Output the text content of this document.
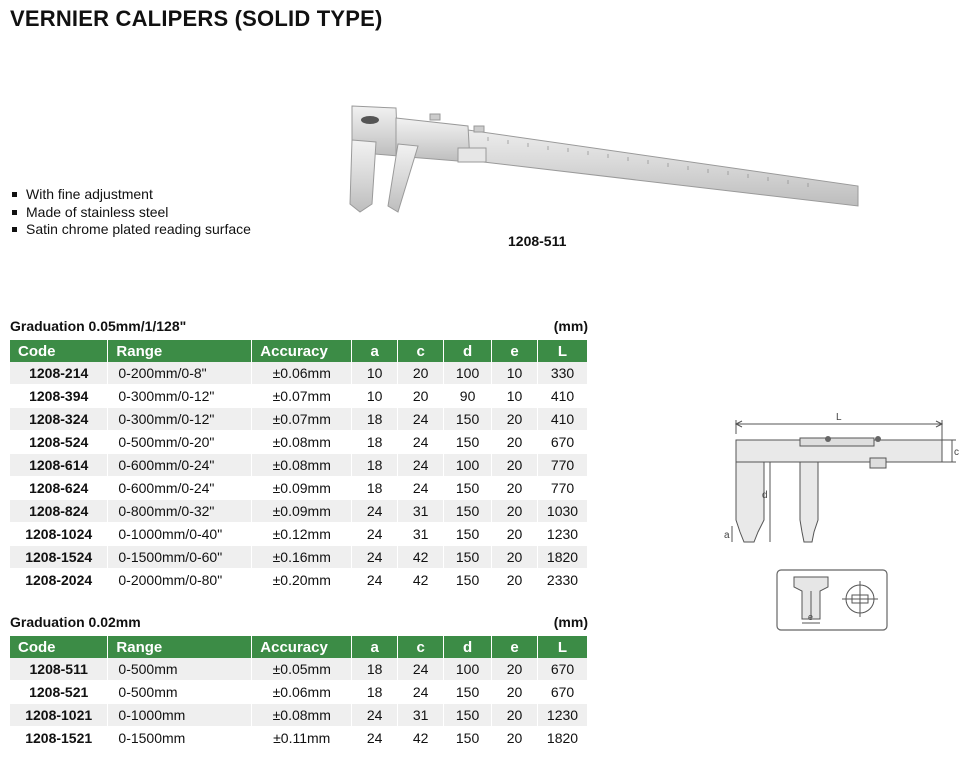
VERNIER CALIPERS (SOLID TYPE)
With fine adjustment
Made of stainless steel
Satin chrome plated reading surface
1208-511
Graduation 0.05mm/1/128"	(mm)
Code	Range	Accuracy	a	c	d	e	L
1208-214	0-200mm/0-8"	±0.06mm	10	20	100	10	330
1208-394	0-300mm/0-12"	±0.07mm	10	20	90	10	410
1208-324	0-300mm/0-12"	±0.07mm	18	24	150	20	410
1208-524	0-500mm/0-20"	±0.08mm	18	24	150	20	670
1208-614	0-600mm/0-24"	±0.08mm	18	24	100	20	770
1208-624	0-600mm/0-24"	±0.09mm	18	24	150	20	770
1208-824	0-800mm/0-32"	±0.09mm	24	31	150	20	1030
1208-1024	0-1000mm/0-40"	±0.12mm	24	31	150	20	1230
1208-1524	0-1500mm/0-60"	±0.16mm	24	42	150	20	1820
1208-2024	0-2000mm/0-80"	±0.20mm	24	42	150	20	2330
Graduation 0.02mm	(mm)
Code	Range	Accuracy	a	c	d	e	L
1208-511	0-500mm	±0.05mm	18	24	100	20	670
1208-521	0-500mm	±0.06mm	18	24	150	20	670
1208-1021	0-1000mm	±0.08mm	24	31	150	20	1230
1208-1521	0-1500mm	±0.11mm	24	42	150	20	1820
L
c
d
a
e
